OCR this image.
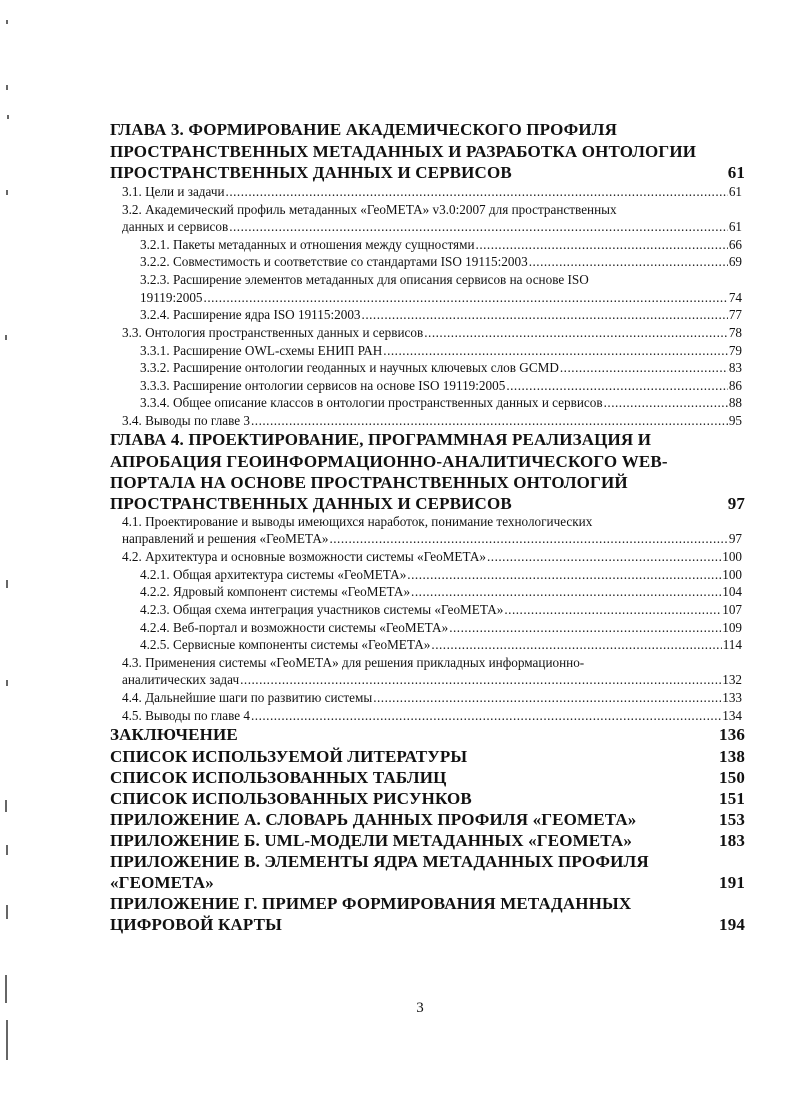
ГЛАВА 3. ФОРМИРОВАНИЕ АКАДЕМИЧЕСКОГО ПРОФИЛЯ
ПРОСТРАНСТВЕННЫХ МЕТАДАННЫХ И РАЗРАБОТКА ОНТОЛОГИИ
ПРОСТРАНСТВЕННЫХ ДАННЫХ И СЕРВИСОВ	61
3.1. Цели и задачи .....	61
3.2. Академический профиль метаданных «ГеоМЕТА» v3.0:2007 для пространственных
данных и сервисов .....	61
3.2.1. Пакеты метаданных и отношения между сущностями .....	66
3.2.2. Совместимость и соответствие со стандартами ISO 19115:2003 .....	69
3.2.3. Расширение элементов метаданных для описания сервисов на основе ISO
19119:2005 .....	74
3.2.4. Расширение ядра ISO 19115:2003 .....	77
3.3. Онтология пространственных данных и сервисов .....	78
3.3.1. Расширение OWL-схемы ЕНИП РАН .....	79
3.3.2. Расширение онтологии геоданных и научных ключевых слов GCMD .....	83
3.3.3. Расширение онтологии сервисов на основе ISO 19119:2005 .....	86
3.3.4. Общее описание классов в онтологии пространственных данных и сервисов .....	88
3.4. Выводы по главе 3 .....	95
ГЛАВА 4. ПРОЕКТИРОВАНИЕ, ПРОГРАММНАЯ РЕАЛИЗАЦИЯ И
АПРОБАЦИЯ ГЕОИНФОРМАЦИОННО-АНАЛИТИЧЕСКОГО WEB-
ПОРТАЛА НА ОСНОВЕ ПРОСТРАНСТВЕННЫХ ОНТОЛОГИЙ
ПРОСТРАНСТВЕННЫХ ДАННЫХ И СЕРВИСОВ	97
4.1. Проектирование и выводы имеющихся наработок, понимание технологических
направлений и решения «ГеоМЕТА» .....	97
4.2. Архитектура и основные возможности системы «ГеоМЕТА» .....	100
4.2.1. Общая архитектура системы «ГеоМЕТА» .....	100
4.2.2. Ядровый компонент системы «ГеоМЕТА» .....	104
4.2.3. Общая схема интеграция участников системы «ГеоМЕТА» .....	107
4.2.4. Веб-портал и возможности системы «ГеоМЕТА» .....	109
4.2.5. Сервисные компоненты системы «ГеоМЕТА» .....	114
4.3. Применения системы «ГеоМЕТА» для решения прикладных информационно-
аналитических задач .....	132
4.4. Дальнейшие шаги по развитию системы .....	133
4.5. Выводы по главе 4 .....	134
ЗАКЛЮЧЕНИЕ	136
СПИСОК ИСПОЛЬЗУЕМОЙ ЛИТЕРАТУРЫ	138
СПИСОК ИСПОЛЬЗОВАННЫХ ТАБЛИЦ	150
СПИСОК ИСПОЛЬЗОВАННЫХ РИСУНКОВ	151
ПРИЛОЖЕНИЕ А. СЛОВАРЬ ДАННЫХ ПРОФИЛЯ «ГЕОМЕТА»	153
ПРИЛОЖЕНИЕ Б. UML-МОДЕЛИ МЕТАДАННЫХ «ГЕОМЕТА»	183
ПРИЛОЖЕНИЕ В. ЭЛЕМЕНТЫ ЯДРА МЕТАДАННЫХ ПРОФИЛЯ
«ГЕОМЕТА»	191
ПРИЛОЖЕНИЕ Г. ПРИМЕР ФОРМИРОВАНИЯ МЕТАДАННЫХ
ЦИФРОВОЙ КАРТЫ	194
3
